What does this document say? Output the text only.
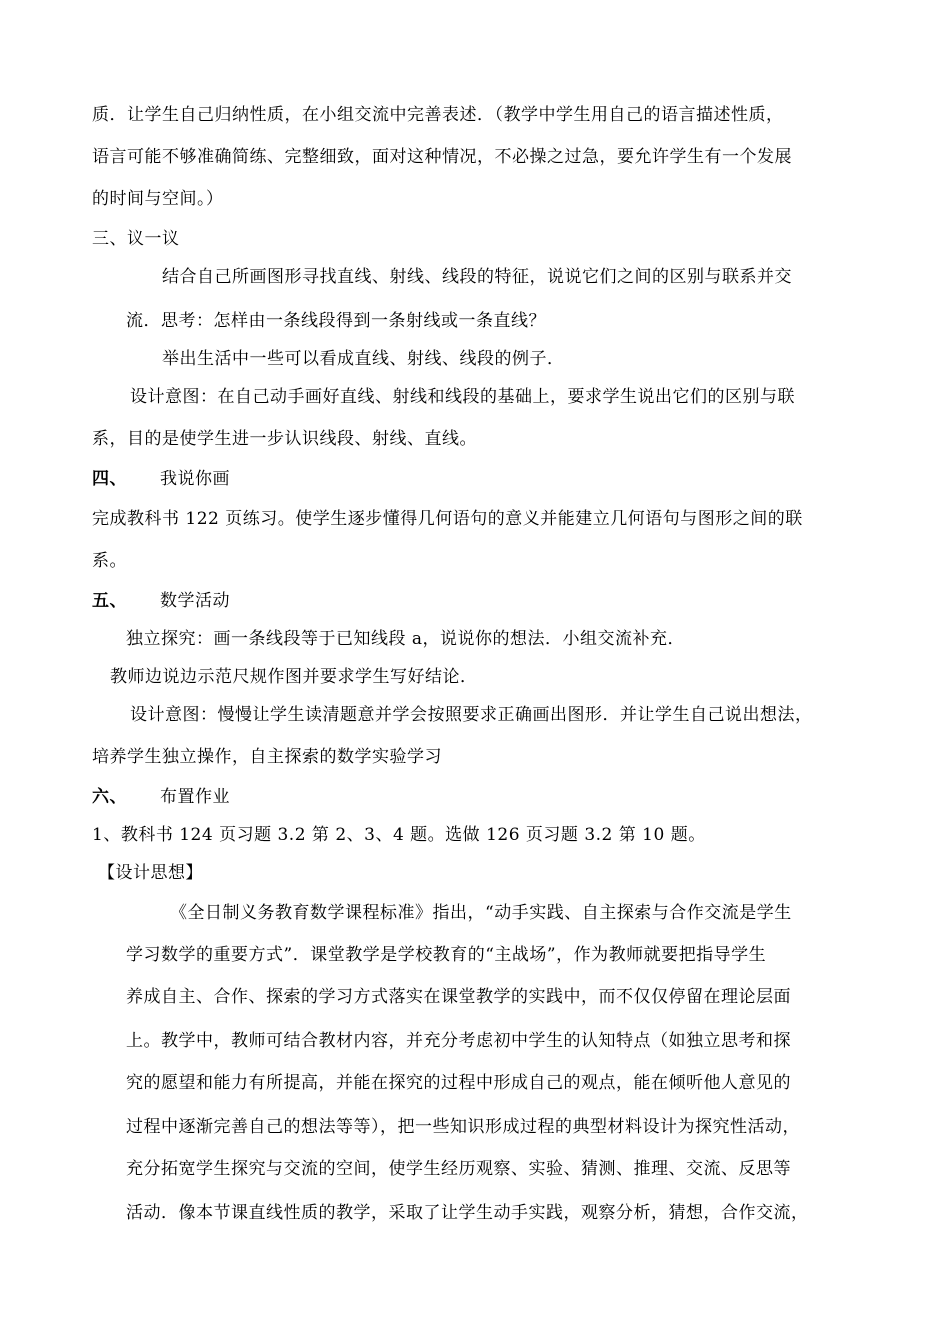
质．让学生自己归纳性质，在小组交流中完善表述．（教学中学生用自己的语言描述性质，
语言可能不够准确简练、完整细致，面对这种情况，不必操之过急，要允许学生有一个发展
的时间与空间。）
三、议一议
结合自己所画图形寻找直线、射线、线段的特征，说说它们之间的区别与联系并交
流．思考：怎样由一条线段得到一条射线或一条直线？
举出生活中一些可以看成直线、射线、线段的例子．
设计意图：在自己动手画好直线、射线和线段的基础上，要求学生说出它们的区别与联
系，目的是使学生进一步认识线段、射线、直线。
四、 我说你画
完成教科书 122 页练习。使学生逐步懂得几何语句的意义并能建立几何语句与图形之间的联
系。
五、 数学活动
独立探究：画一条线段等于已知线段 a，说说你的想法．小组交流补充．
教师边说边示范尺规作图并要求学生写好结论．
设计意图：慢慢让学生读清题意并学会按照要求正确画出图形．并让学生自己说出想法，
培养学生独立操作，自主探索的数学实验学习
六、 布置作业
1、教科书 124 页习题 3.2 第 2、3、4 题。选做 126 页习题 3.2 第 10 题。
【设计思想】
《全日制义务教育数学课程标准》指出，“动手实践、自主探索与合作交流是学生
学习数学的重要方式”．课堂教学是学校教育的“主战场”，作为教师就要把指导学生
养成自主、合作、探索的学习方式落实在课堂教学的实践中，而不仅仅停留在理论层面
上。教学中，教师可结合教材内容，并充分考虑初中学生的认知特点（如独立思考和探
究的愿望和能力有所提高，并能在探究的过程中形成自己的观点，能在倾听他人意见的
过程中逐渐完善自己的想法等等），把一些知识形成过程的典型材料设计为探究性活动，
充分拓宽学生探究与交流的空间，使学生经历观察、实验、猜测、推理、交流、反思等
活动．像本节课直线性质的教学，采取了让学生动手实践，观察分析，猜想，合作交流，
